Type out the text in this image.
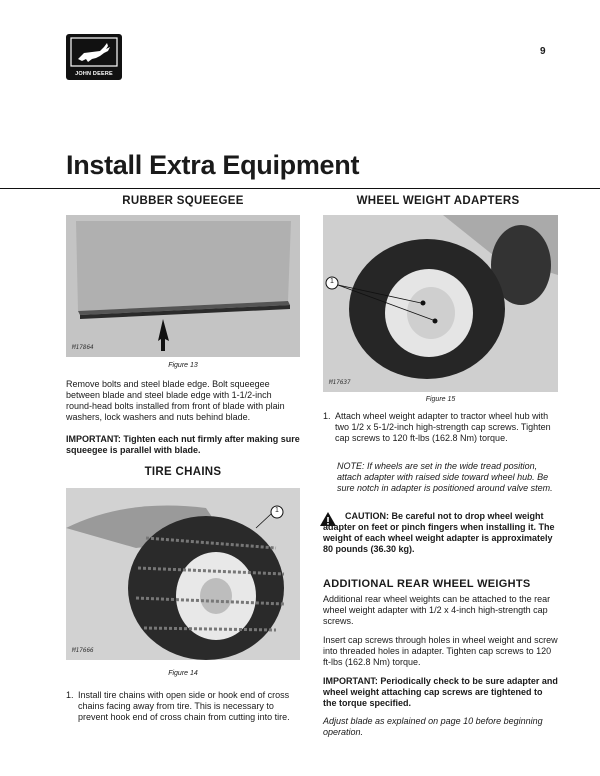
JOHN DEERE
9
Install Extra Equipment
RUBBER SQUEEGEE
M17864
Figure 13
Remove bolts and steel blade edge. Bolt squeegee between blade and steel blade edge with 1-1/2-inch round-head bolts installed from front of blade with plain washers, lock washers and nuts behind blade.
IMPORTANT: Tighten each nut firmly after making sure squeegee is parallel with blade.
TIRE CHAINS
1
M17666
Figure 14
1. Install tire chains with open side or hook end of cross chains facing away from tire. This is necessary to prevent hook end of cross chain from cutting into tire.
WHEEL WEIGHT ADAPTERS
1
M17637
Figure 15
1. Attach wheel weight adapter to tractor wheel hub with two 1/2 x 5-1/2-inch high-strength cap screws. Tighten cap screws to 120 ft-lbs (162.8 Nm) torque.
NOTE: If wheels are set in the wide tread position, attach adapter with raised side toward wheel hub. Be sure notch in adapter is positioned around valve stem.
CAUTION: Be careful not to drop wheel weight adapter on feet or pinch fingers when installing it. The weight of each wheel weight adapter is approximately 80 pounds (36.30 kg).
ADDITIONAL REAR WHEEL WEIGHTS
Additional rear wheel weights can be attached to the rear wheel weight adapter with 1/2 x 4-inch high-strength cap screws.
Insert cap screws through holes in wheel weight and screw into threaded holes in adapter. Tighten cap screws to 120 ft-lbs (162.8 Nm) torque.
IMPORTANT: Periodically check to be sure adapter and wheel weight attaching cap screws are tightened to the torque specified.
Adjust blade as explained on page 10 before beginning operation.
